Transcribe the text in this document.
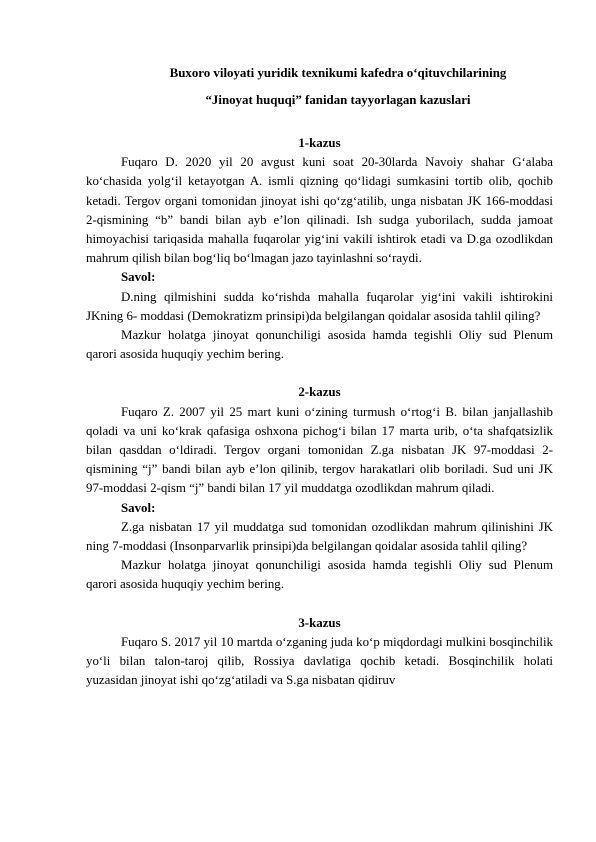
Buxoro viloyati yuridik texnikumi kafedra o‘qituvchilarining
“Jinoyat huquqi” fanidan tayyorlagan kazuslari

1-kazus

Fuqaro D. 2020 yil 20 avgust kuni soat 20-30larda Navoiy shahar G‘alaba ko‘chasida yolg‘il ketayotgan A. ismli qizning qo‘lidagi sumkasini tortib olib, qochib ketadi. Tergov organi tomonidan jinoyat ishi qo‘zg‘atilib, unga nisbatan JK 166-moddasi 2-qismining “b” bandi bilan ayb e’lon qilinadi. Ish sudga yuborilach, sudda jamoat himoyachisi tariqasida mahalla fuqarolar yig‘ini vakili ishtirok etadi va D.ga ozodlikdan mahrum qilish bilan bog‘liq bo‘lmagan jazo tayinlashni so‘raydi.

Savol:

D.ning qilmishini sudda ko‘rishda mahalla fuqarolar yig‘ini vakili ishtirokini JKning 6- moddasi (Demokratizm prinsipi)da belgilangan qoidalar asosida tahlil qiling?

Mazkur holatga jinoyat qonunchiligi asosida hamda tegishli Oliy sud Plenum qarori asosida huquqiy yechim bering.

2-kazus

Fuqaro Z. 2007 yil 25 mart kuni o‘zining turmush o‘rtog‘i B. bilan janjallashib qoladi va uni ko‘krak qafasiga oshxona pichog‘i bilan 17 marta urib, o‘ta shafqatsizlik bilan qasddan o‘ldiradi. Tergov organi tomonidan Z.ga nisbatan JK 97-moddasi 2-qismining “j” bandi bilan ayb e’lon qilinib, tergov harakatlari olib boriladi. Sud uni JK 97-moddasi 2-qism “j” bandi bilan 17 yil muddatga ozodlikdan mahrum qiladi.

Savol:

Z.ga nisbatan 17 yil muddatga sud tomonidan ozodlikdan mahrum qilinishini JK ning 7-moddasi (Insonparvarlik prinsipi)da belgilangan qoidalar asosida tahlil qiling?

Mazkur holatga jinoyat qonunchiligi asosida hamda tegishli Oliy sud Plenum qarori asosida huquqiy yechim bering.

3-kazus

Fuqaro S. 2017 yil 10 martda o‘zganing juda ko‘p miqdordagi mulkini bosqinchilik yo‘li bilan talon-taroj qilib, Rossiya davlatiga qochib ketadi. Bosqinchilik holati yuzasidan jinoyat ishi qo‘zg‘atiladi va S.ga nisbatan qidiruv
